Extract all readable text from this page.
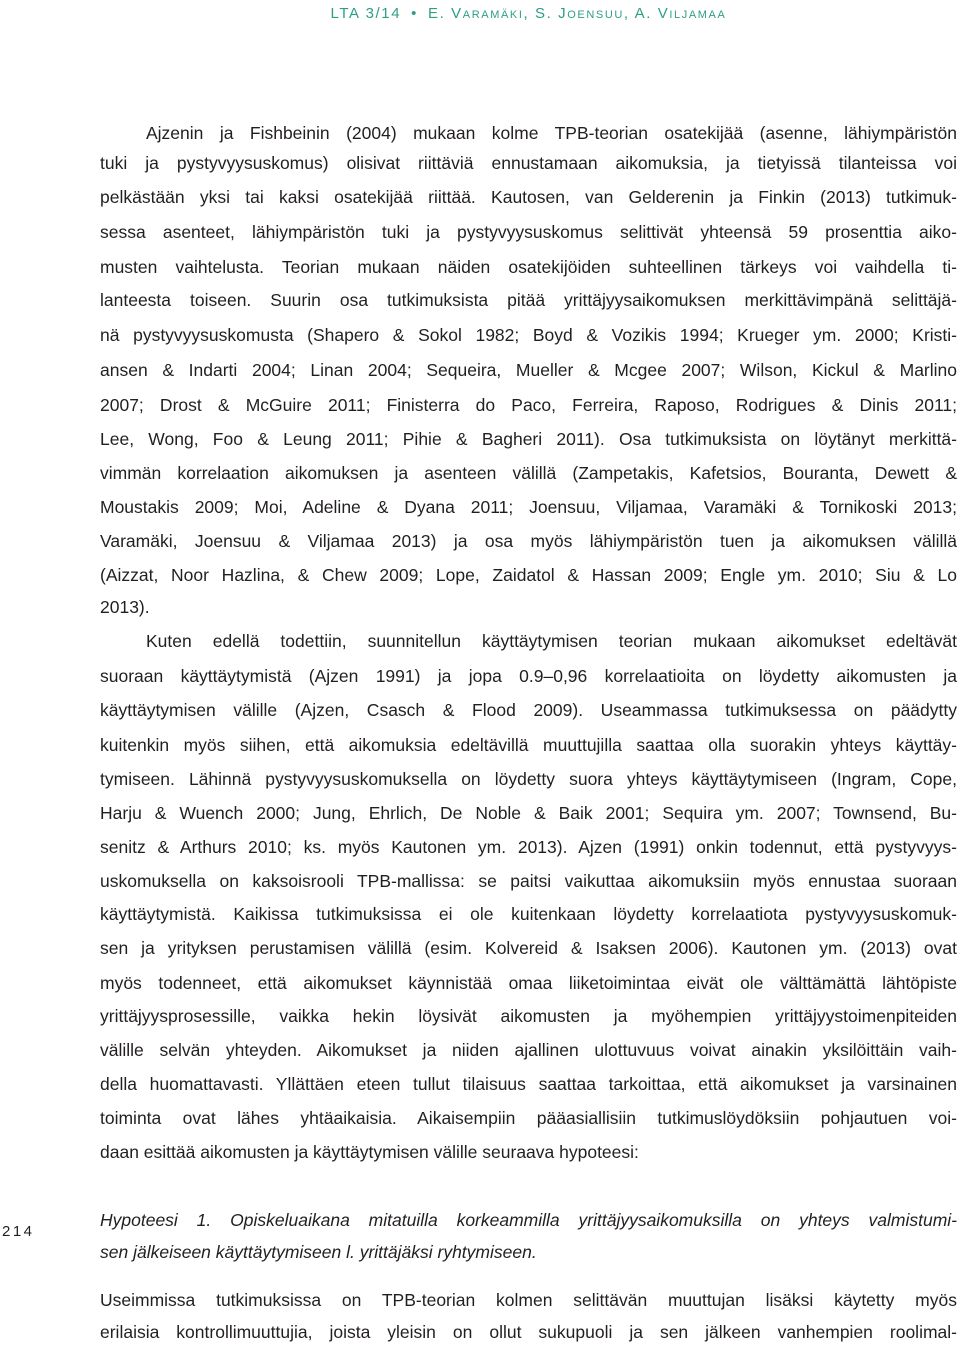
LTA 3/14 • E. Varamäki, S. Joensuu, A. Viljamaa
Ajzenin ja Fishbeinin (2004) mukaan kolme TPB-teorian osatekijää (asenne, lähiympäristön
tuki ja pystyvyysuskomus) olisivat riittäviä ennustamaan aikomuksia, ja tietyissä tilanteissa voi
pelkästään yksi tai kaksi osatekijää riittää. Kautosen, van Gelderenin ja Finkin (2013) tutkimuk-
sessa asenteet, lähiympäristön tuki ja pystyvyysuskomus selittivät yhteensä 59 prosenttia aiko-
musten vaihtelusta. Teorian mukaan näiden osatekijöiden suhteellinen tärkeys voi vaihdella ti-
lanteesta toiseen. Suurin osa tutkimuksista pitää yrittäjyysaikomuksen merkittävimpänä selittäjä-
nä pystyvyysuskomusta (Shapero & Sokol 1982; Boyd & Vozikis 1994; Krueger ym. 2000; Kristi-
ansen & Indarti 2004; Linan 2004; Sequeira, Mueller & Mcgee 2007; Wilson, Kickul & Marlino
2007; Drost & McGuire 2011; Finisterra do Paco, Ferreira, Raposo, Rodrigues & Dinis 2011;
Lee, Wong, Foo & Leung 2011; Pihie & Bagheri 2011). Osa tutkimuksista on löytänyt merkittä-
vimmän korrelaation aikomuksen ja asenteen välillä (Zampetakis, Kafetsios, Bouranta, Dewett &
Moustakis 2009; Moi, Adeline & Dyana 2011; Joensuu, Viljamaa, Varamäki & Tornikoski 2013;
Varamäki, Joensuu & Viljamaa 2013) ja osa myös lähiympäristön tuen ja aikomuksen välillä
(Aizzat, Noor Hazlina, & Chew 2009; Lope, Zaidatol & Hassan 2009; Engle ym. 2010; Siu & Lo
2013).
Kuten edellä todettiin, suunnitellun käyttäytymisen teorian mukaan aikomukset edeltävät
suoraan käyttäytymistä (Ajzen 1991) ja jopa 0.9–0,96 korrelaatioita on löydetty aikomusten ja
käyttäytymisen välille (Ajzen, Csasch & Flood 2009). Useammassa tutkimuksessa on päädytty
kuitenkin myös siihen, että aikomuksia edeltävillä muuttujilla saattaa olla suorakin yhteys käyttäy-
tymiseen. Lähinnä pystyvyysuskomuksella on löydetty suora yhteys käyttäytymiseen (Ingram, Cope,
Harju & Wuench 2000; Jung, Ehrlich, De Noble & Baik 2001; Sequira ym. 2007; Townsend, Bu-
senitz & Arthurs 2010; ks. myös Kautonen ym. 2013). Ajzen (1991) onkin todennut, että pystyvyys-
uskomuksella on kaksoisrooli TPB-mallissa: se paitsi vaikuttaa aikomuksiin myös ennustaa suoraan
käyttäytymistä. Kaikissa tutkimuksissa ei ole kuitenkaan löydetty korrelaatiota pystyvyysuskomuk-
sen ja yrityksen perustamisen välillä (esim. Kolvereid & Isaksen 2006). Kautonen ym. (2013) ovat
myös todenneet, että aikomukset käynnistää omaa liiketoimintaa eivät ole välttämättä lähtöpiste
yrittäjyysprosessille, vaikka hekin löysivät aikomusten ja myöhempien yrittäjyystoimenpiteiden
välille selvän yhteyden. Aikomukset ja niiden ajallinen ulottuvuus voivat ainakin yksilöittäin vaih-
della huomattavasti. Yllättäen eteen tullut tilaisuus saattaa tarkoittaa, että aikomukset ja varsinainen
toiminta ovat lähes yhtäaikaisia. Aikaisempiin pääasiallisiin tutkimuslöydöksiin pohjautuen voi-
daan esittää aikomusten ja käyttäytymisen välille seuraava hypoteesi:
Hypoteesi 1. Opiskeluaikana mitatuilla korkeammilla yrittäjyysaikomuksilla on yhteys valmistumi-
sen jälkeiseen käyttäytymiseen l. yrittäjäksi ryhtymiseen.
214
Useimmissa tutkimuksissa on TPB-teorian kolmen selittävän muuttujan lisäksi käytetty myös
erilaisia kontrollimuuttujia, joista yleisin on ollut sukupuoli ja sen jälkeen vanhempien roolimal-
